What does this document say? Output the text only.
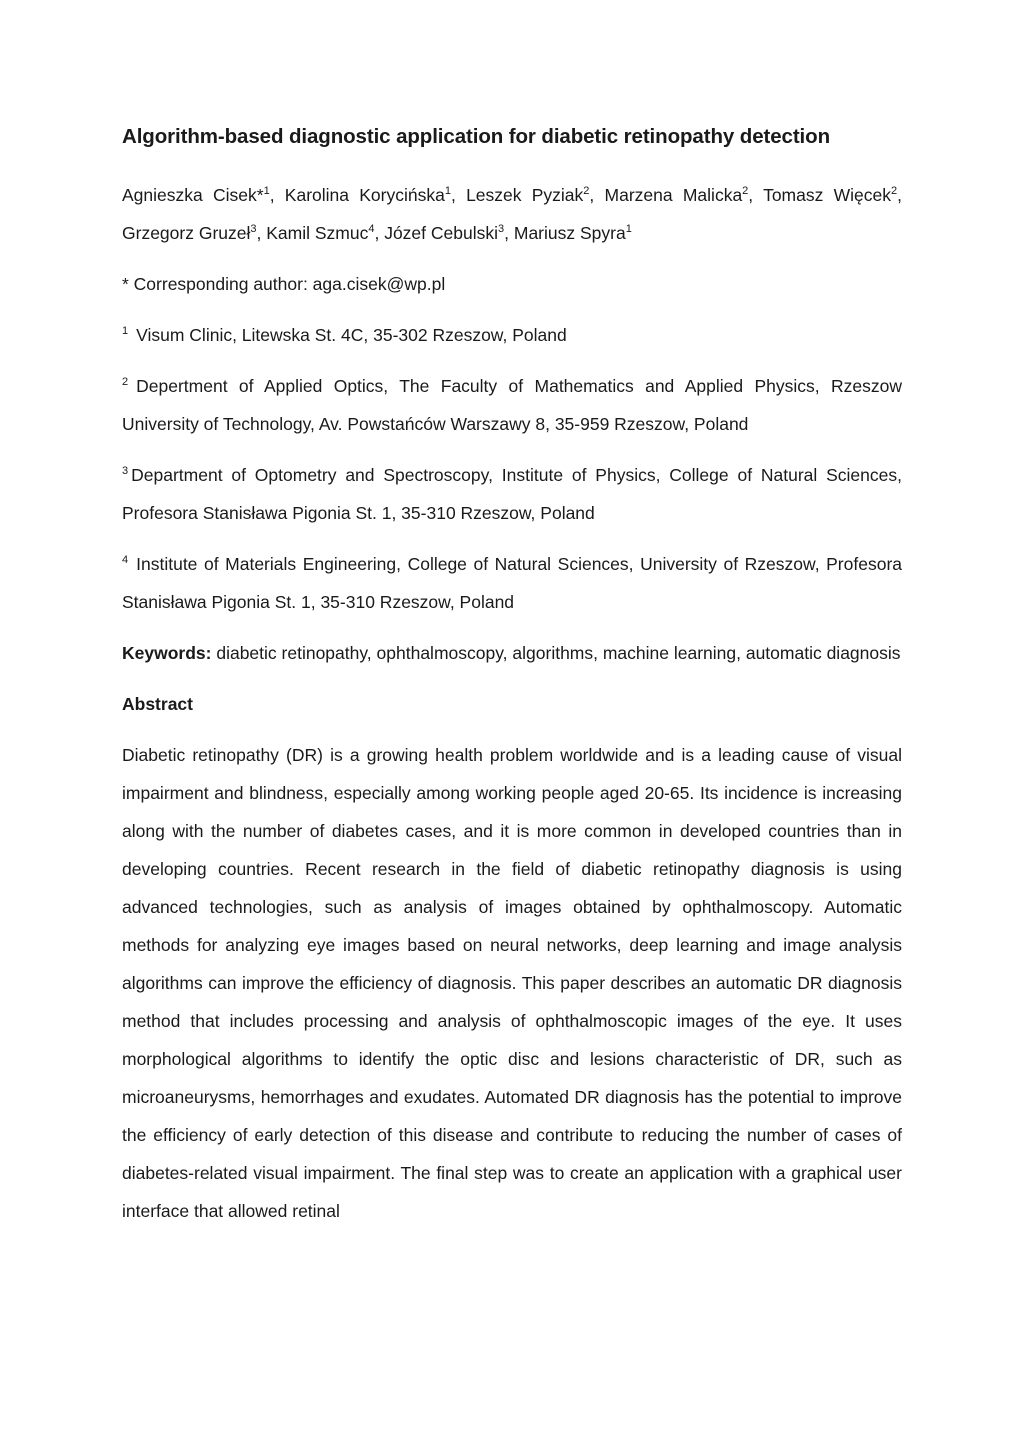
Algorithm-based diagnostic application for diabetic retinopathy detection
Agnieszka Cisek*$^1$, Karolina Korycińska$^1$, Leszek Pyziak$^2$, Marzena Malicka$^2$, Tomasz Więcek$^2$, Grzegorz Gruzeł$^3$, Kamil Szmuc$^4$, Józef Cebulski$^3$, Mariusz Spyra$^1$
* Corresponding author: aga.cisek@wp.pl
$^1$ Visum Clinic, Litewska St. 4C, 35-302 Rzeszow, Poland
$^2$ Depertment of Applied Optics, The Faculty of Mathematics and Applied Physics, Rzeszow University of Technology, Av. Powstańców Warszawy 8, 35-959 Rzeszow, Poland
$^3$ Department of Optometry and Spectroscopy, Institute of Physics, College of Natural Sciences, Profesora Stanisława Pigonia St. 1, 35-310 Rzeszow, Poland
$^4$ Institute of Materials Engineering, College of Natural Sciences, University of Rzeszow, Profesora Stanisława Pigonia St. 1, 35-310 Rzeszow, Poland
Keywords: diabetic retinopathy, ophthalmoscopy, algorithms, machine learning, automatic diagnosis
Abstract
Diabetic retinopathy (DR) is a growing health problem worldwide and is a leading cause of visual impairment and blindness, especially among working people aged 20-65. Its incidence is increasing along with the number of diabetes cases, and it is more common in developed countries than in developing countries. Recent research in the field of diabetic retinopathy diagnosis is using advanced technologies, such as analysis of images obtained by ophthalmoscopy. Automatic methods for analyzing eye images based on neural networks, deep learning and image analysis algorithms can improve the efficiency of diagnosis. This paper describes an automatic DR diagnosis method that includes processing and analysis of ophthalmoscopic images of the eye. It uses morphological algorithms to identify the optic disc and lesions characteristic of DR, such as microaneurysms, hemorrhages and exudates. Automated DR diagnosis has the potential to improve the efficiency of early detection of this disease and contribute to reducing the number of cases of diabetes-related visual impairment. The final step was to create an application with a graphical user interface that allowed retinal
